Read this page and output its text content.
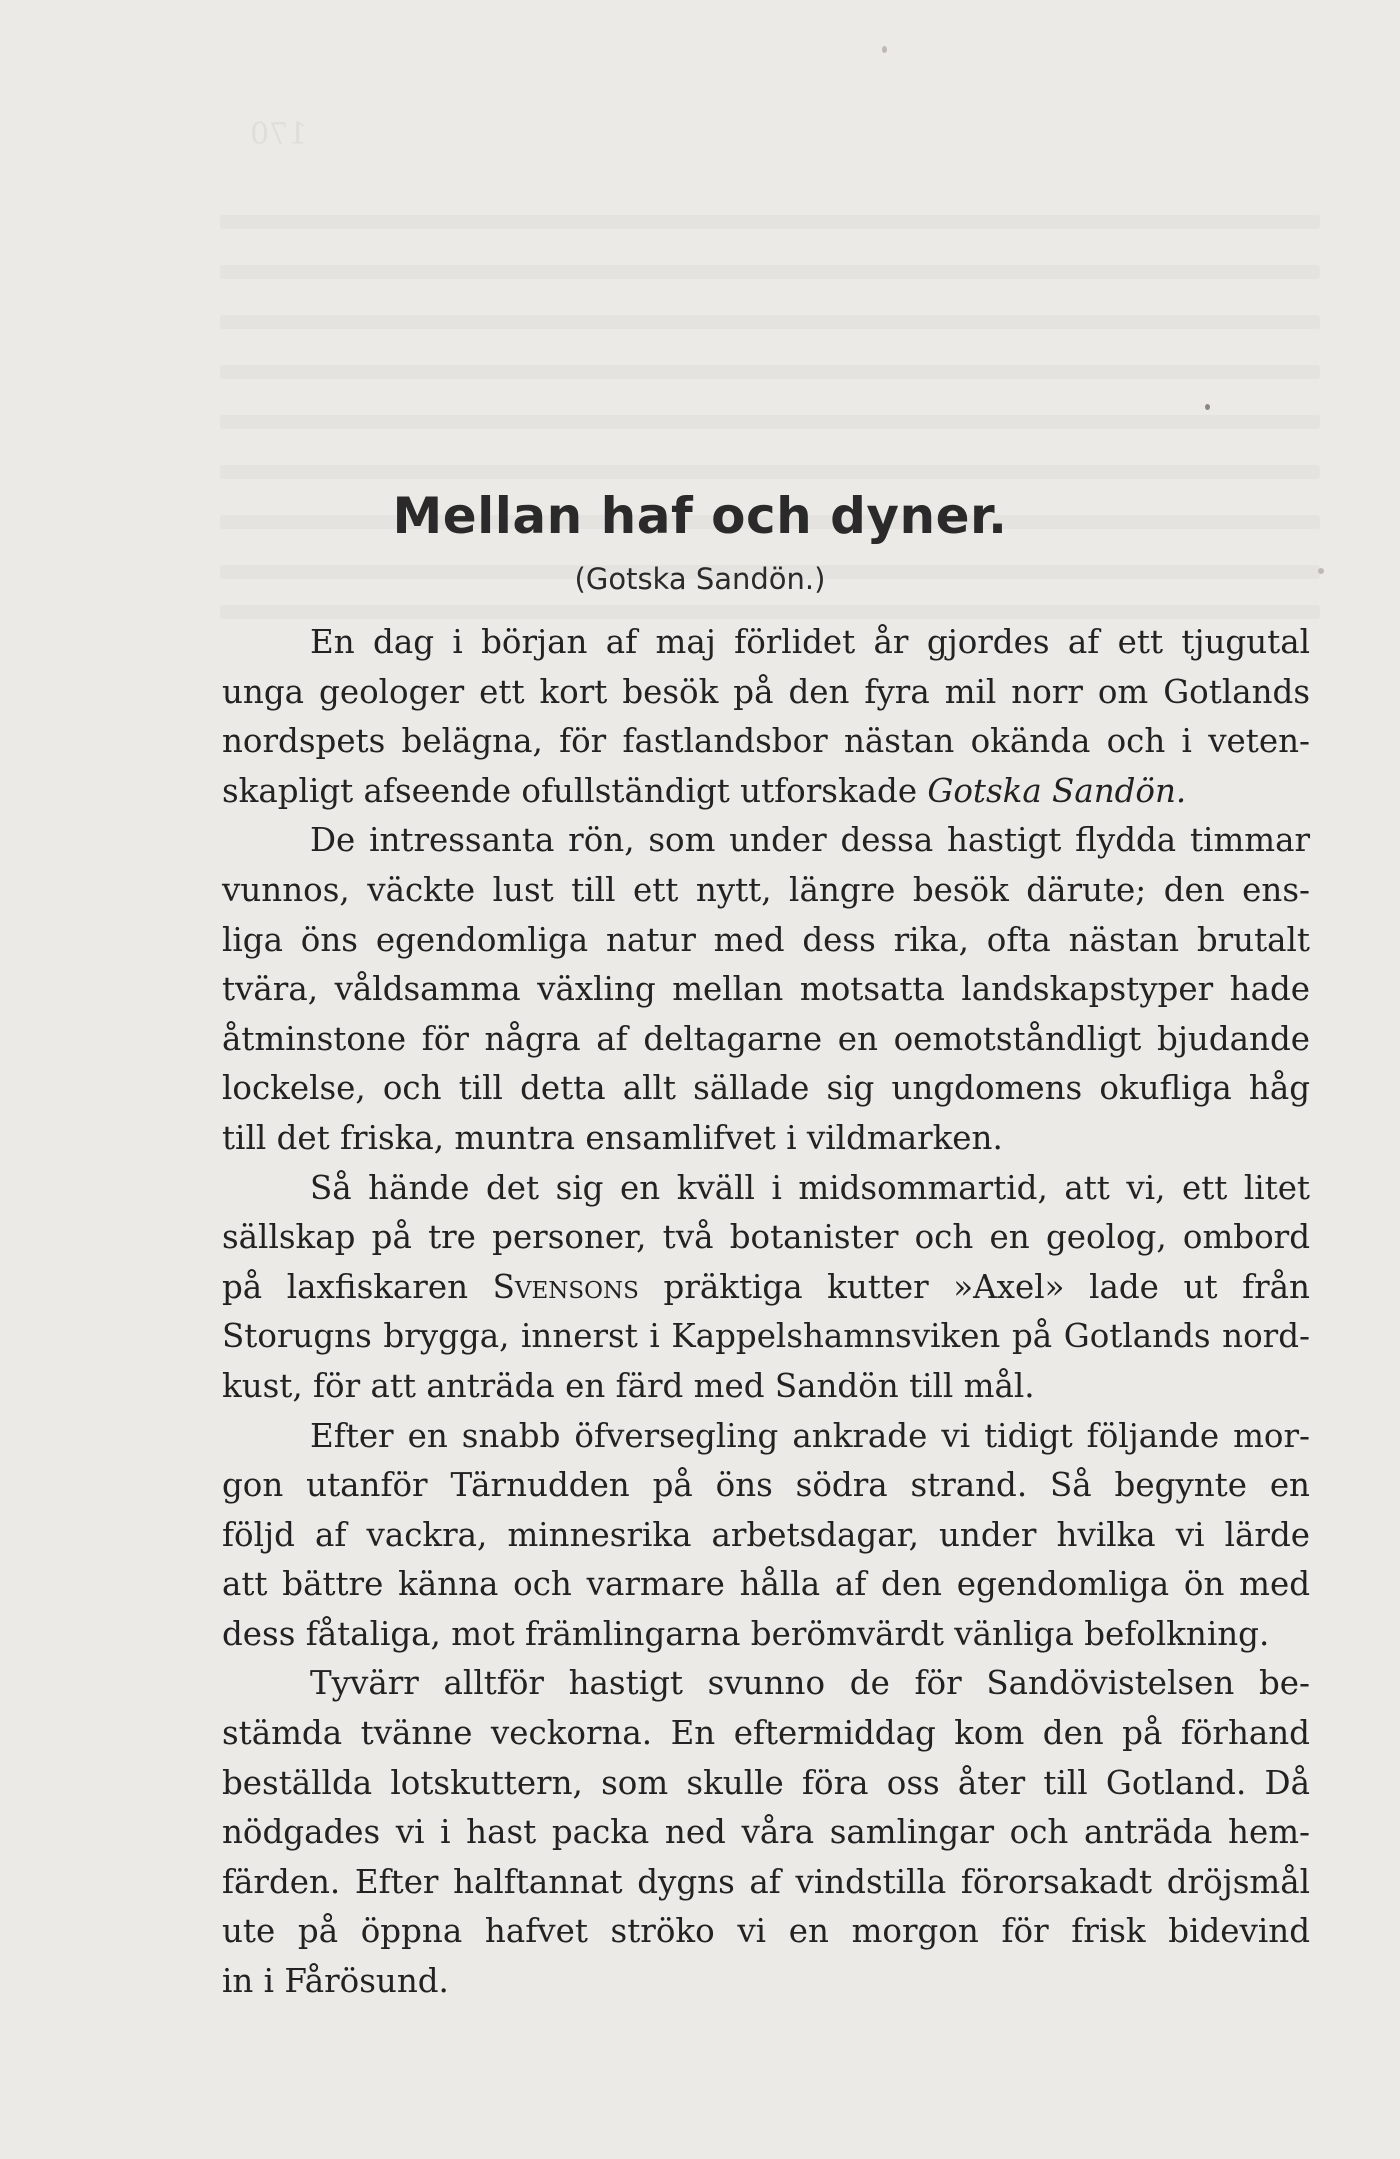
170
Mellan haf och dyner.
(Gotska Sandön.)
En dag i början af maj förlidet år gjordes af ett tjugutal
unga geologer ett kort besök på den fyra mil norr om Gotlands
nordspets belägna, för fastlandsbor nästan okända och i veten-
skapligt afseende ofullständigt utforskade Gotska Sandön.
De intressanta rön, som under dessa hastigt flydda timmar
vunnos, väckte lust till ett nytt, längre besök därute; den ens-
liga öns egendomliga natur med dess rika, ofta nästan brutalt
tvära, våldsamma växling mellan motsatta landskapstyper hade
åtminstone för några af deltagarne en oemotståndligt bjudande
lockelse, och till detta allt sällade sig ungdomens okufliga håg
till det friska, muntra ensamlifvet i vildmarken.
Så hände det sig en kväll i midsommartid, att vi, ett litet
sällskap på tre personer, två botanister och en geolog, ombord
på laxfiskaren Svensons präktiga kutter »Axel» lade ut från
Storugns brygga, innerst i Kappelshamnsviken på Gotlands nord-
kust, för att anträda en färd med Sandön till mål.
Efter en snabb öfversegling ankrade vi tidigt följande mor-
gon utanför Tärnudden på öns södra strand. Så begynte en
följd af vackra, minnesrika arbetsdagar, under hvilka vi lärde
att bättre känna och varmare hålla af den egendomliga ön med
dess fåtaliga, mot främlingarna berömvärdt vänliga befolkning.
Tyvärr alltför hastigt svunno de för Sandövistelsen be-
stämda tvänne veckorna. En eftermiddag kom den på förhand
beställda lotskuttern, som skulle föra oss åter till Gotland. Då
nödgades vi i hast packa ned våra samlingar och anträda hem-
färden. Efter halftannat dygns af vindstilla förorsakadt dröjsmål
ute på öppna hafvet ströko vi en morgon för frisk bidevind
in i Fårösund.
